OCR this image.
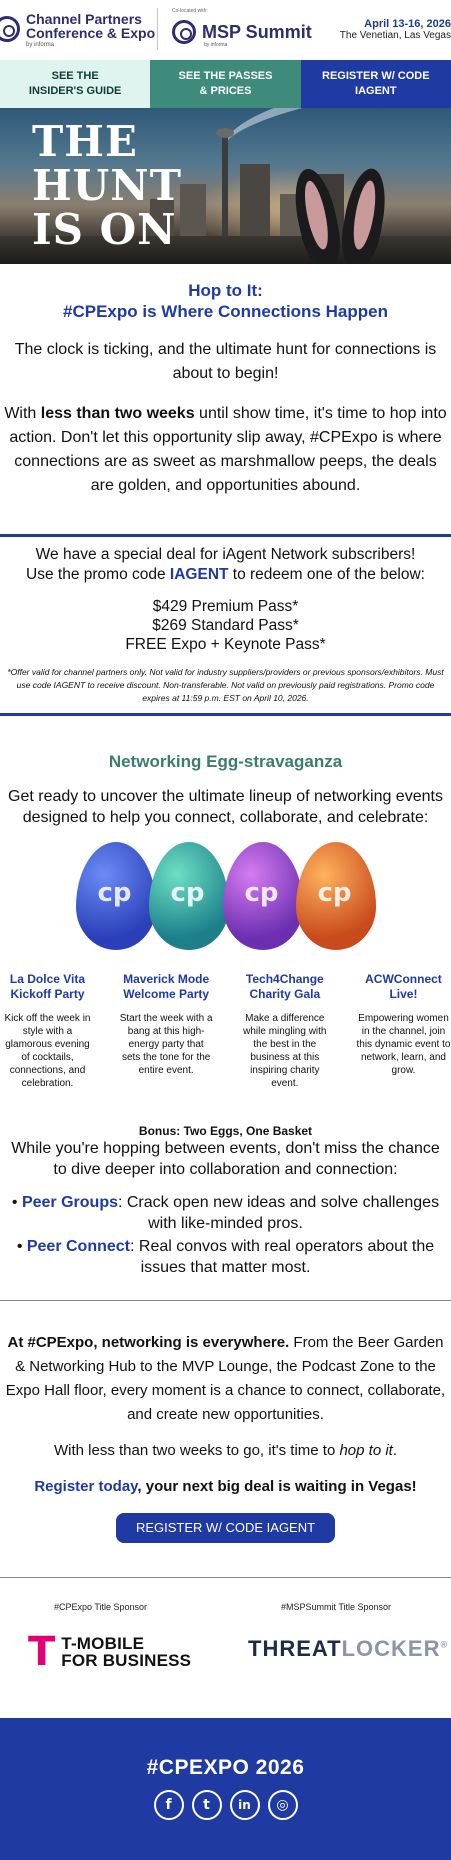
Channel Partners
Conference & Expo
by informa
Co-located with:
MSP Summit
by informa
April 13-16, 2026
The Venetian, Las Vegas
SEE THE
INSIDER'S GUIDE
SEE THE PASSES
& PRICES
REGISTER W/ CODE
IAGENT
THE
HUNT
IS ON
Hop to It:
#CPExpo is Where Connections Happen
The clock is ticking, and the ultimate hunt for connections is about to begin!
With less than two weeks until show time, it's time to hop into action. Don't let this opportunity slip away, #CPExpo is where connections are as sweet as marshmallow peeps, the deals are golden, and opportunities abound.
We have a special deal for iAgent Network subscribers!
Use the promo code IAGENT to redeem one of the below:
$429 Premium Pass*
$269 Standard Pass*
FREE Expo + Keynote Pass*
*Offer valid for channel partners only. Not valid for industry suppliers/providers or previous sponsors/exhibitors. Must use code IAGENT to receive discount. Non-transferable. Not valid on previously paid registrations. Promo code expires at 11:59 p.m. EST on April 10, 2026.
Networking Egg-stravaganza
Get ready to uncover the ultimate lineup of networking events designed to help you connect, collaborate, and celebrate:
cp cp cp cp
La Dolce Vita Kickoff Party
Kick off the week in style with a glamorous evening of cocktails, connections, and celebration.
Maverick Mode Welcome Party
Start the week with a bang at this high-energy party that sets the tone for the entire event.
Tech4Change Charity Gala
Make a difference while mingling with the best in the business at this inspiring charity event.
ACWConnect Live!
Empowering women in the channel, join this dynamic event to network, learn, and grow.
Bonus: Two Eggs, One Basket
While you're hopping between events, don't miss the chance to dive deeper into collaboration and connection:
• Peer Groups: Crack open new ideas and solve challenges with like-minded pros.
• Peer Connect: Real convos with real operators about the issues that matter most.
At #CPExpo, networking is everywhere. From the Beer Garden & Networking Hub to the MVP Lounge, the Podcast Zone to the Expo Hall floor, every moment is a chance to connect, collaborate, and create new opportunities.
With less than two weeks to go, it's time to hop to it.
Register today, your next big deal is waiting in Vegas!
REGISTER W/ CODE IAGENT
#CPExpo Title Sponsor	#MSPSummit Title Sponsor
T T-MOBILE
FOR BUSINESS	THREATLOCKER®
#CPEXPO 2026
f	t	in	◎
